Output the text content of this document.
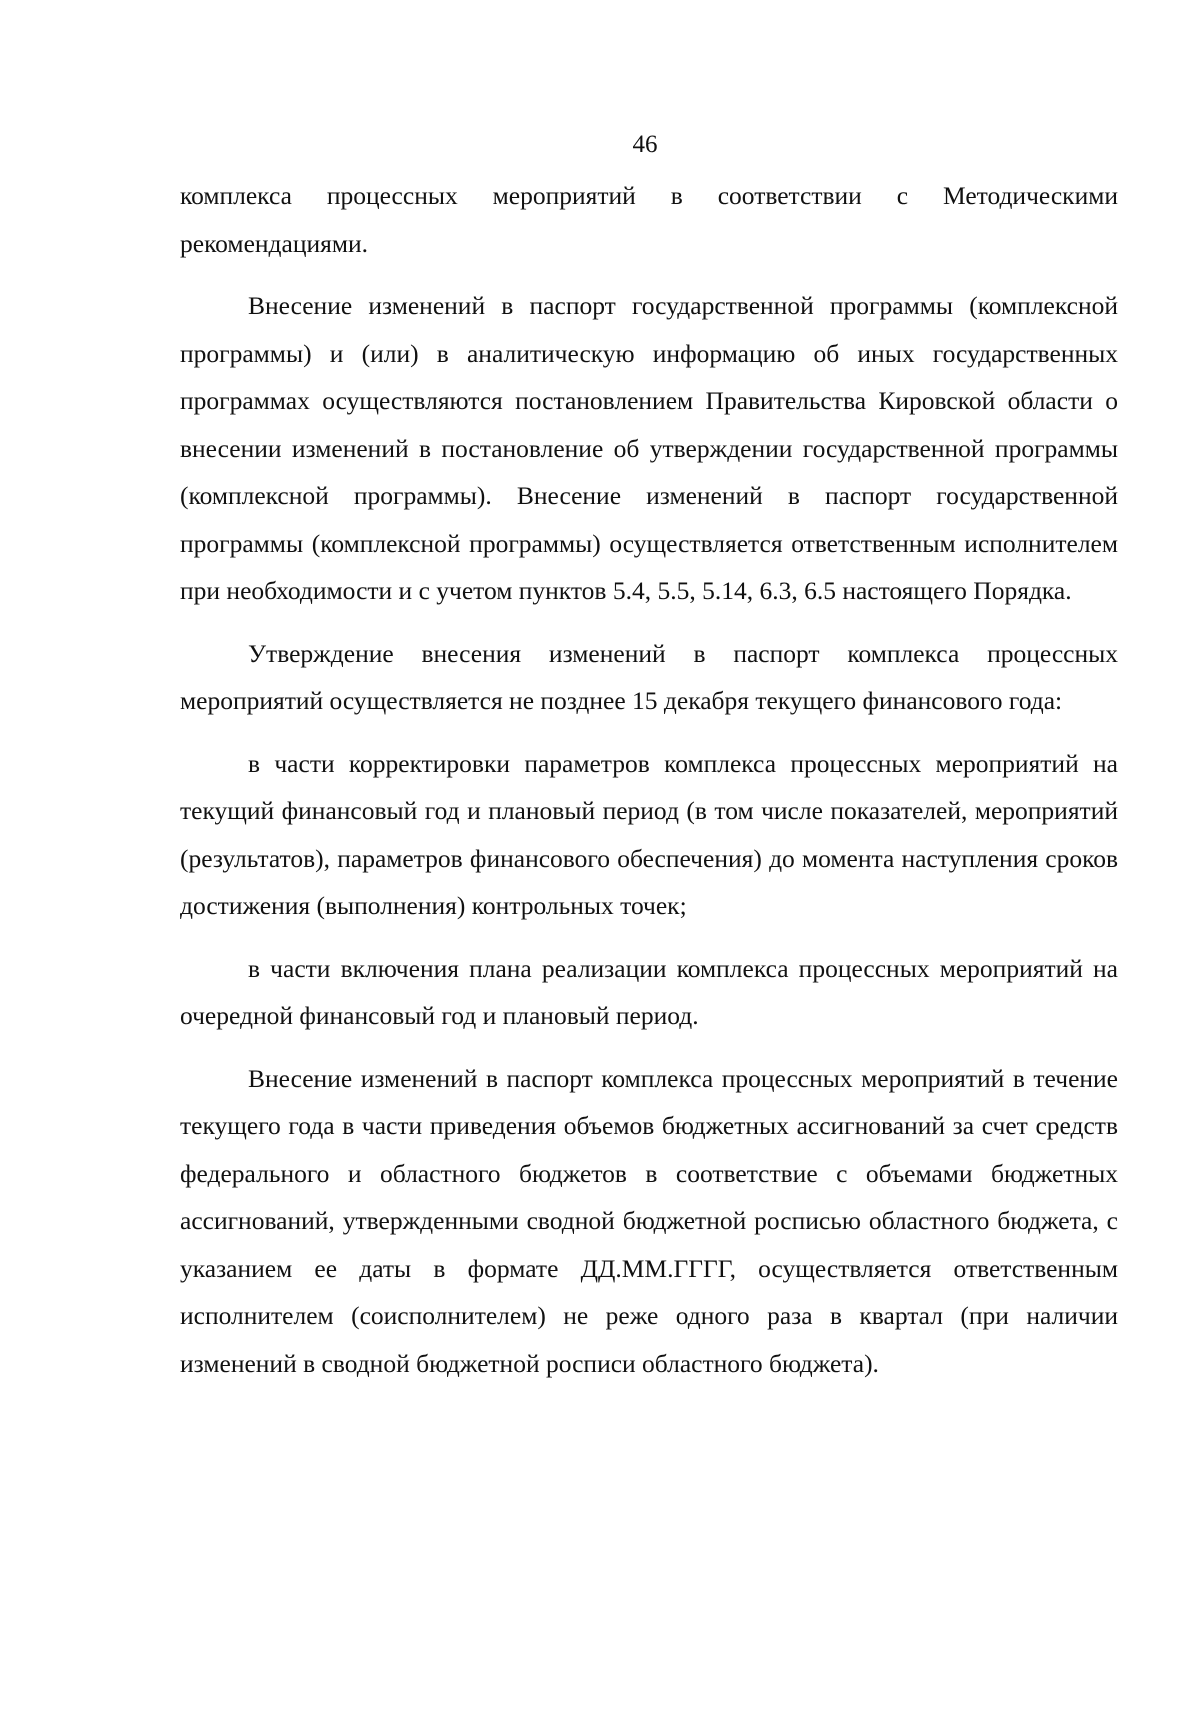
46

комплекса процессных мероприятий в соответствии с Методическими рекомендациями.

Внесение изменений в паспорт государственной программы (комплексной программы) и (или) в аналитическую информацию об иных государственных программах осуществляются постановлением Правительства Кировской области о внесении изменений в постановление об утверждении государственной программы (комплексной программы). Внесение изменений в паспорт государственной программы (комплексной программы) осуществляется ответственным исполнителем при необходимости и с учетом пунктов 5.4, 5.5, 5.14, 6.3, 6.5 настоящего Порядка.

Утверждение внесения изменений в паспорт комплекса процессных мероприятий осуществляется не позднее 15 декабря текущего финансового года:

в части корректировки параметров комплекса процессных мероприятий на текущий финансовый год и плановый период (в том числе показателей, мероприятий (результатов), параметров финансового обеспечения) до момента наступления сроков достижения (выполнения) контрольных точек;

в части включения плана реализации комплекса процессных мероприятий на очередной финансовый год и плановый период.

Внесение изменений в паспорт комплекса процессных мероприятий в течение текущего года в части приведения объемов бюджетных ассигнований за счет средств федерального и областного бюджетов в соответствие с объемами бюджетных ассигнований, утвержденными сводной бюджетной росписью областного бюджета, с указанием ее даты в формате ДД.ММ.ГГГГ, осуществляется ответственным исполнителем (соисполнителем) не реже одного раза в квартал (при наличии изменений в сводной бюджетной росписи областного бюджета).
